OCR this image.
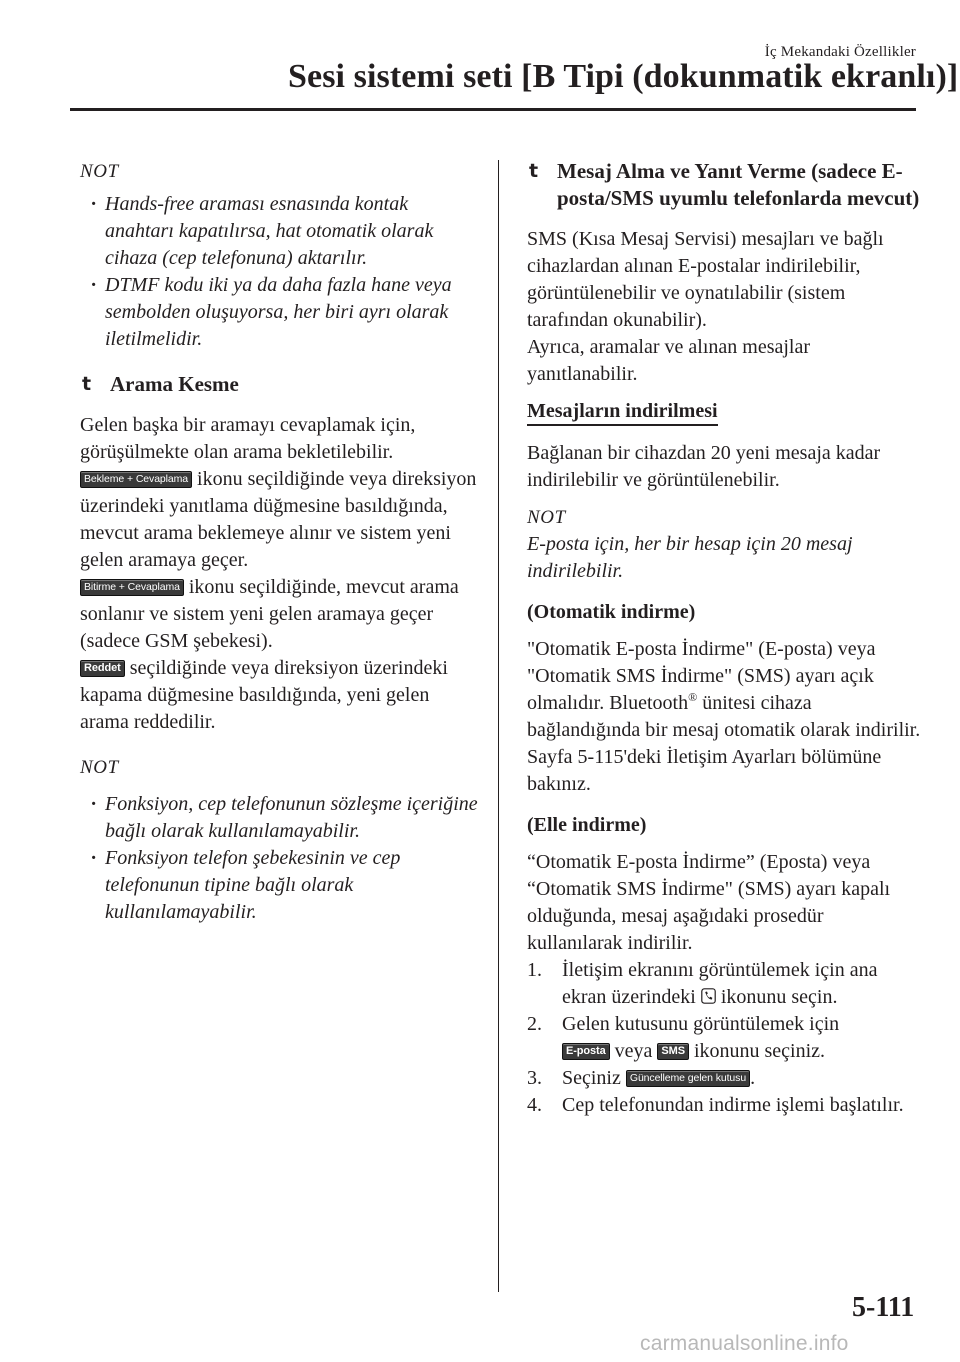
İç Mekandaki Özellikler
Sesi sistemi seti [B Tipi (dokunmatik ekranlı)]
NOT
· Hands-free araması esnasında kontak anahtarı kapatılırsa, hat otomatik olarak cihaza (cep telefonuna) aktarılır.
· DTMF kodu iki ya da daha fazla hane veya sembolden oluşuyorsa, her biri ayrı olarak iletilmelidir.
t Arama Kesme
Gelen başka bir aramayı cevaplamak için, görüşülmekte olan arama bekletilebilir.
Bekleme + Cevaplama ikonu seçildiğinde veya direksiyon üzerindeki yanıtlama düğmesine basıldığında, mevcut arama beklemeye alınır ve sistem yeni gelen aramaya geçer.
Bitirme + Cevaplama ikonu seçildiğinde, mevcut arama sonlanır ve sistem yeni gelen aramaya geçer (sadece GSM şebekesi).
Reddet seçildiğinde veya direksiyon üzerindeki kapama düğmesine basıldığında, yeni gelen arama reddedilir.
NOT
· Fonksiyon, cep telefonunun sözleşme içeriğine bağlı olarak kullanılamayabilir.
· Fonksiyon telefon şebekesinin ve cep telefonunun tipine bağlı olarak kullanılamayabilir.
t Mesaj Alma ve Yanıt Verme (sadece E-posta/SMS uyumlu telefonlarda mevcut)
SMS (Kısa Mesaj Servisi) mesajları ve bağlı cihazlardan alınan E-postalar indirilebilir, görüntülenebilir ve oynatılabilir (sistem tarafından okunabilir).
Ayrıca, aramalar ve alınan mesajlar yanıtlanabilir.
Mesajların indirilmesi
Bağlanan bir cihazdan 20 yeni mesaja kadar indirilebilir ve görüntülenebilir.
NOT
E-posta için, her bir hesap için 20 mesaj indirilebilir.
(Otomatik indirme)
"Otomatik E-posta İndirme" (E-posta) veya "Otomatik SMS İndirme" (SMS) ayarı açık olmalıdır. Bluetooth® ünitesi cihaza bağlandığında bir mesaj otomatik olarak indirilir.
Sayfa 5-115'deki İletişim Ayarları bölümüne bakınız.
(Elle indirme)
“Otomatik E-posta İndirme” (Eposta) veya “Otomatik SMS İndirme" (SMS) ayarı kapalı olduğunda, mesaj aşağıdaki prosedür kullanılarak indirilir.
1. İletişim ekranını görüntülemek için ana ekran üzerindeki ikonunu seçin.
2. Gelen kutusunu görüntülemek için
E-posta veya SMS ikonunu seçiniz.
3. Seçiniz Güncelleme gelen kutusu .
4. Cep telefonundan indirme işlemi başlatılır.
5-111
carmanualsonline.info
